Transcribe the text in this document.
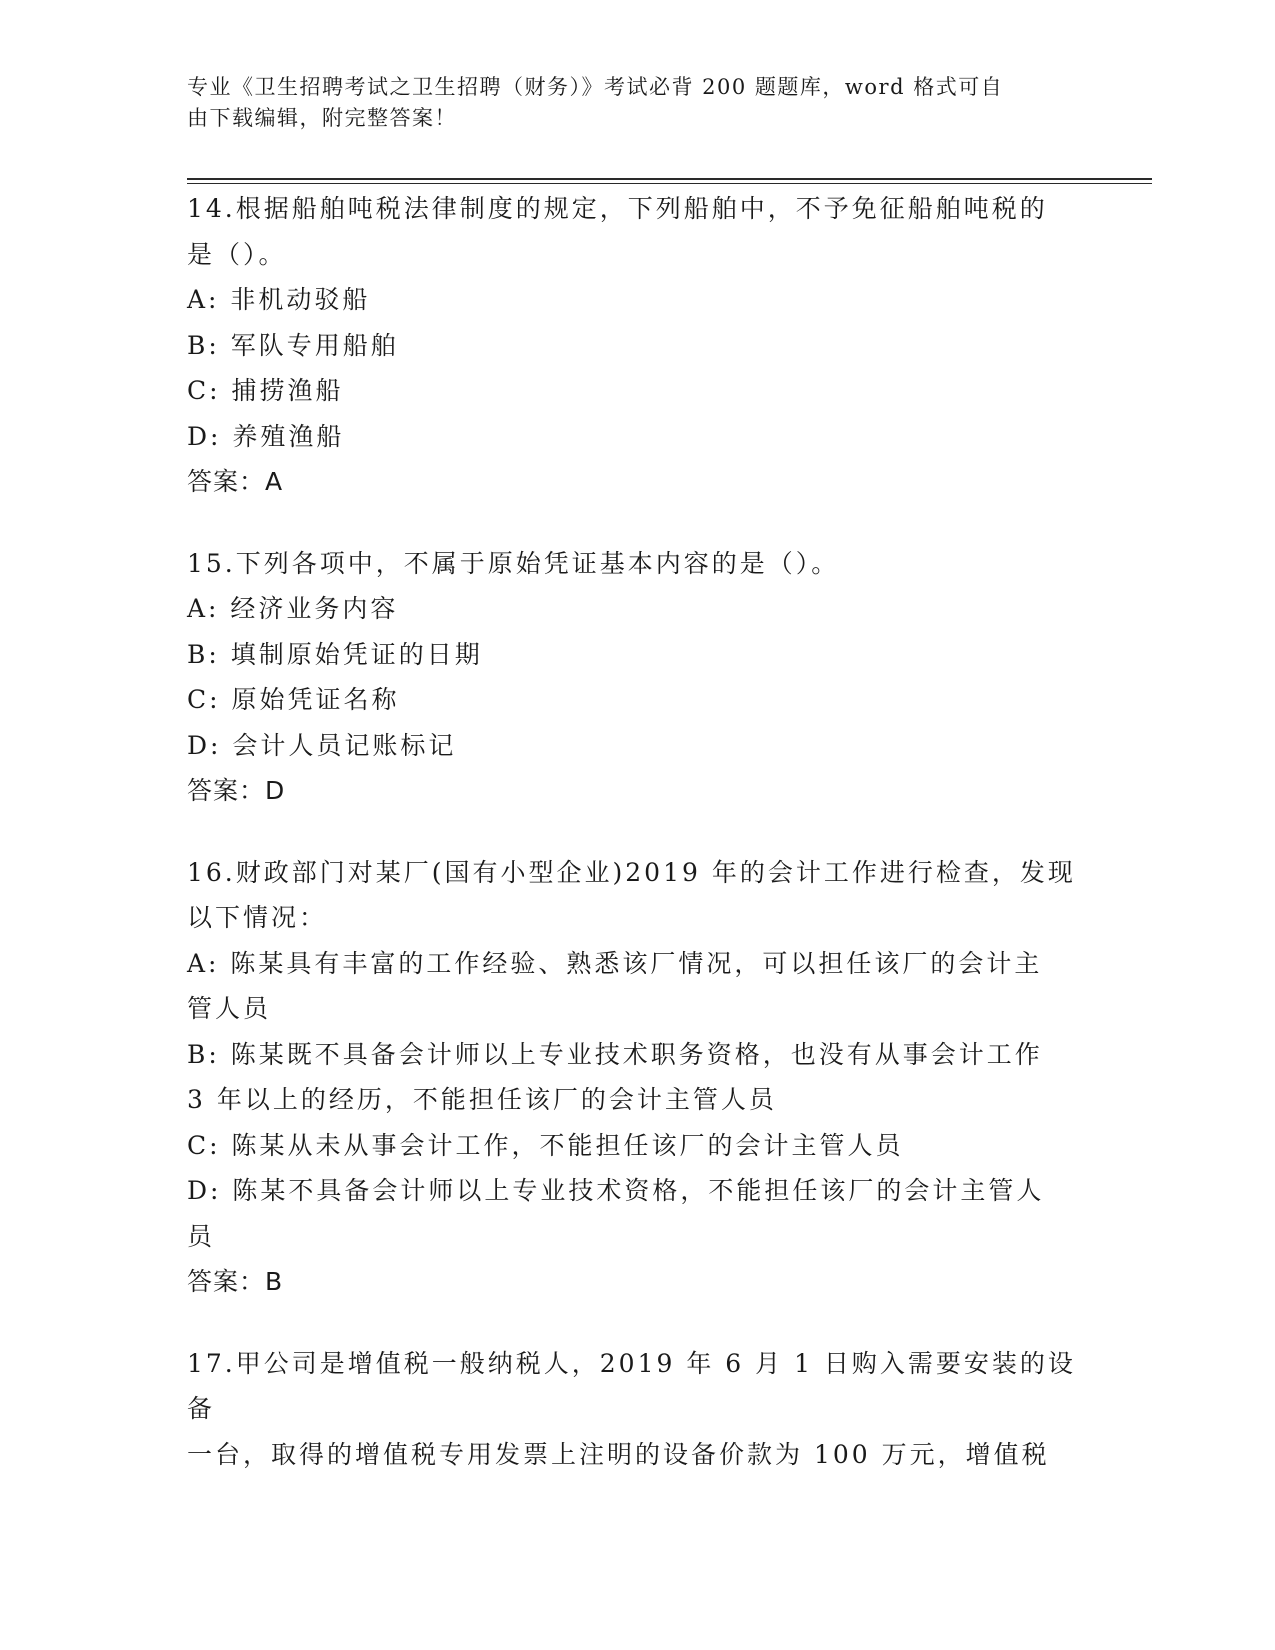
专业《卫生招聘考试之卫生招聘（财务）》考试必背 200 题题库，word 格式可自
由下载编辑，附完整答案！

14.根据船舶吨税法律制度的规定，下列船舶中，不予免征船舶吨税的

是（）。

A: 非机动驳船

B: 军队专用船舶

C: 捕捞渔船

D: 养殖渔船

答案：A

15.下列各项中，不属于原始凭证基本内容的是（）。

A: 经济业务内容

B: 填制原始凭证的日期

C: 原始凭证名称

D: 会计人员记账标记

答案：D

16.财政部门对某厂(国有小型企业)2019 年的会计工作进行检查，发现

以下情况：

A: 陈某具有丰富的工作经验、熟悉该厂情况，可以担任该厂的会计主

管人员

B: 陈某既不具备会计师以上专业技术职务资格，也没有从事会计工作

3 年以上的经历，不能担任该厂的会计主管人员

C: 陈某从未从事会计工作，不能担任该厂的会计主管人员

D: 陈某不具备会计师以上专业技术资格，不能担任该厂的会计主管人

员

答案：B

17.甲公司是增值税一般纳税人，2019 年 6 月 1 日购入需要安装的设备

一台，取得的增值税专用发票上注明的设备价款为 100 万元，增值税
